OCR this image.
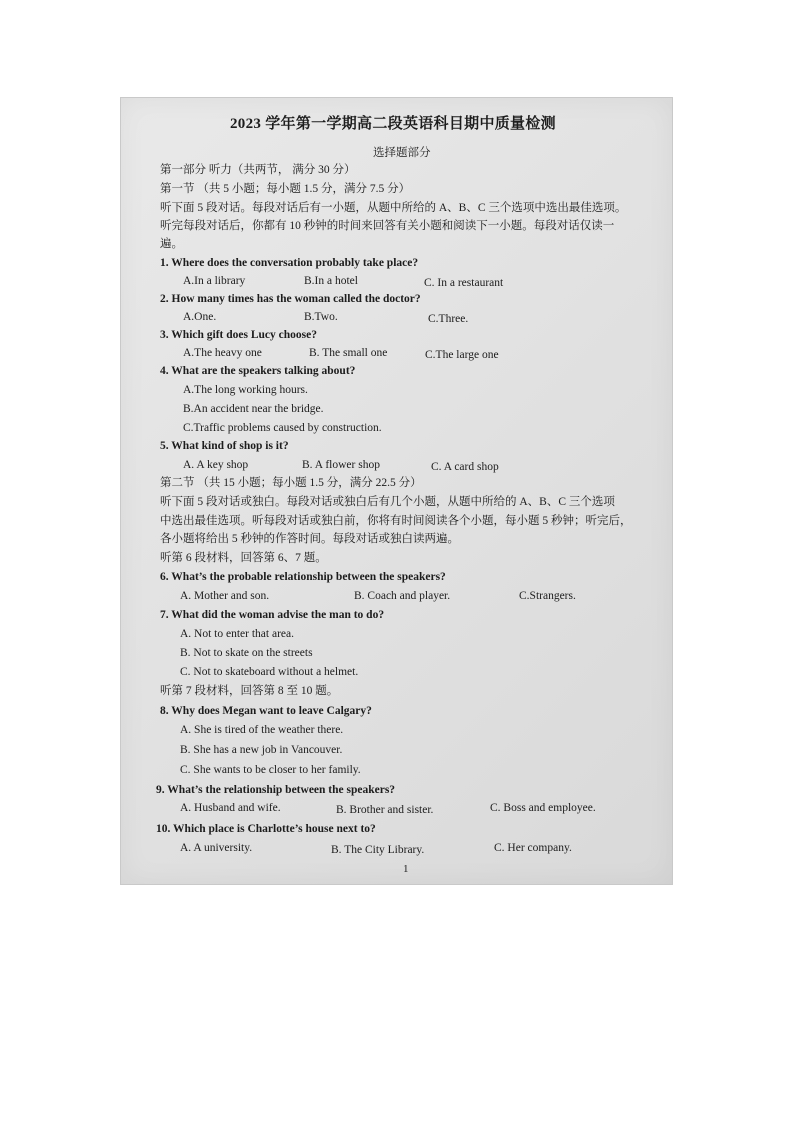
2023 学年第一学期高二段英语科目期中质量检测
选择题部分
第一部分 听力（共两节， 满分 30 分）
第一节 （共 5 小题；每小题 1.5 分，满分 7.5 分）
听下面 5 段对话。每段对话后有一小题，从题中所给的 A、B、C 三个选项中选出最佳选项。
听完每段对话后，你都有 10 秒钟的时间来回答有关小题和阅读下一小题。每段对话仅读一
遍。
1. Where does the conversation probably take place?
A.In a library	B.In a hotel	C. In a restaurant
2. How many times has the woman called the doctor?
A.One.	B.Two.	C.Three.
3. Which gift does Lucy choose?
A.The heavy one	B. The small one	C.The large one
4. What are the speakers talking about?
A.The long working hours.
B.An accident near the bridge.
C.Traffic problems caused by construction.
5. What kind of shop is it?
A. A key shop	B. A flower shop	C. A card shop
第二节 （共 15 小题；每小题 1.5 分，满分 22.5 分）
听下面 5 段对话或独白。每段对话或独白后有几个小题，从题中所给的 A、B、C 三个选项
中选出最佳选项。听每段对话或独白前，你将有时间阅读各个小题，每小题 5 秒钟；听完后，
各小题将给出 5 秒钟的作答时间。每段对话或独白读两遍。
听第 6 段材料，回答第 6、7 题。
6. What’s the probable relationship between the speakers?
A. Mother and son.	B. Coach and player.	C.Strangers.
7. What did the woman advise the man to do?
A. Not to enter that area.
B. Not to skate on the streets
C. Not to skateboard without a helmet.
听第 7 段材料，回答第 8 至 10 题。
8. Why does Megan want to leave Calgary?
A. She is tired of the weather there.
B. She has a new job in Vancouver.
C. She wants to be closer to her family.
9. What’s the relationship between the speakers?
A. Husband and wife.	B. Brother and sister.	C. Boss and employee.
10. Which place is Charlotte’s house next to?
A. A university.	B. The City Library.	C. Her company.
1
